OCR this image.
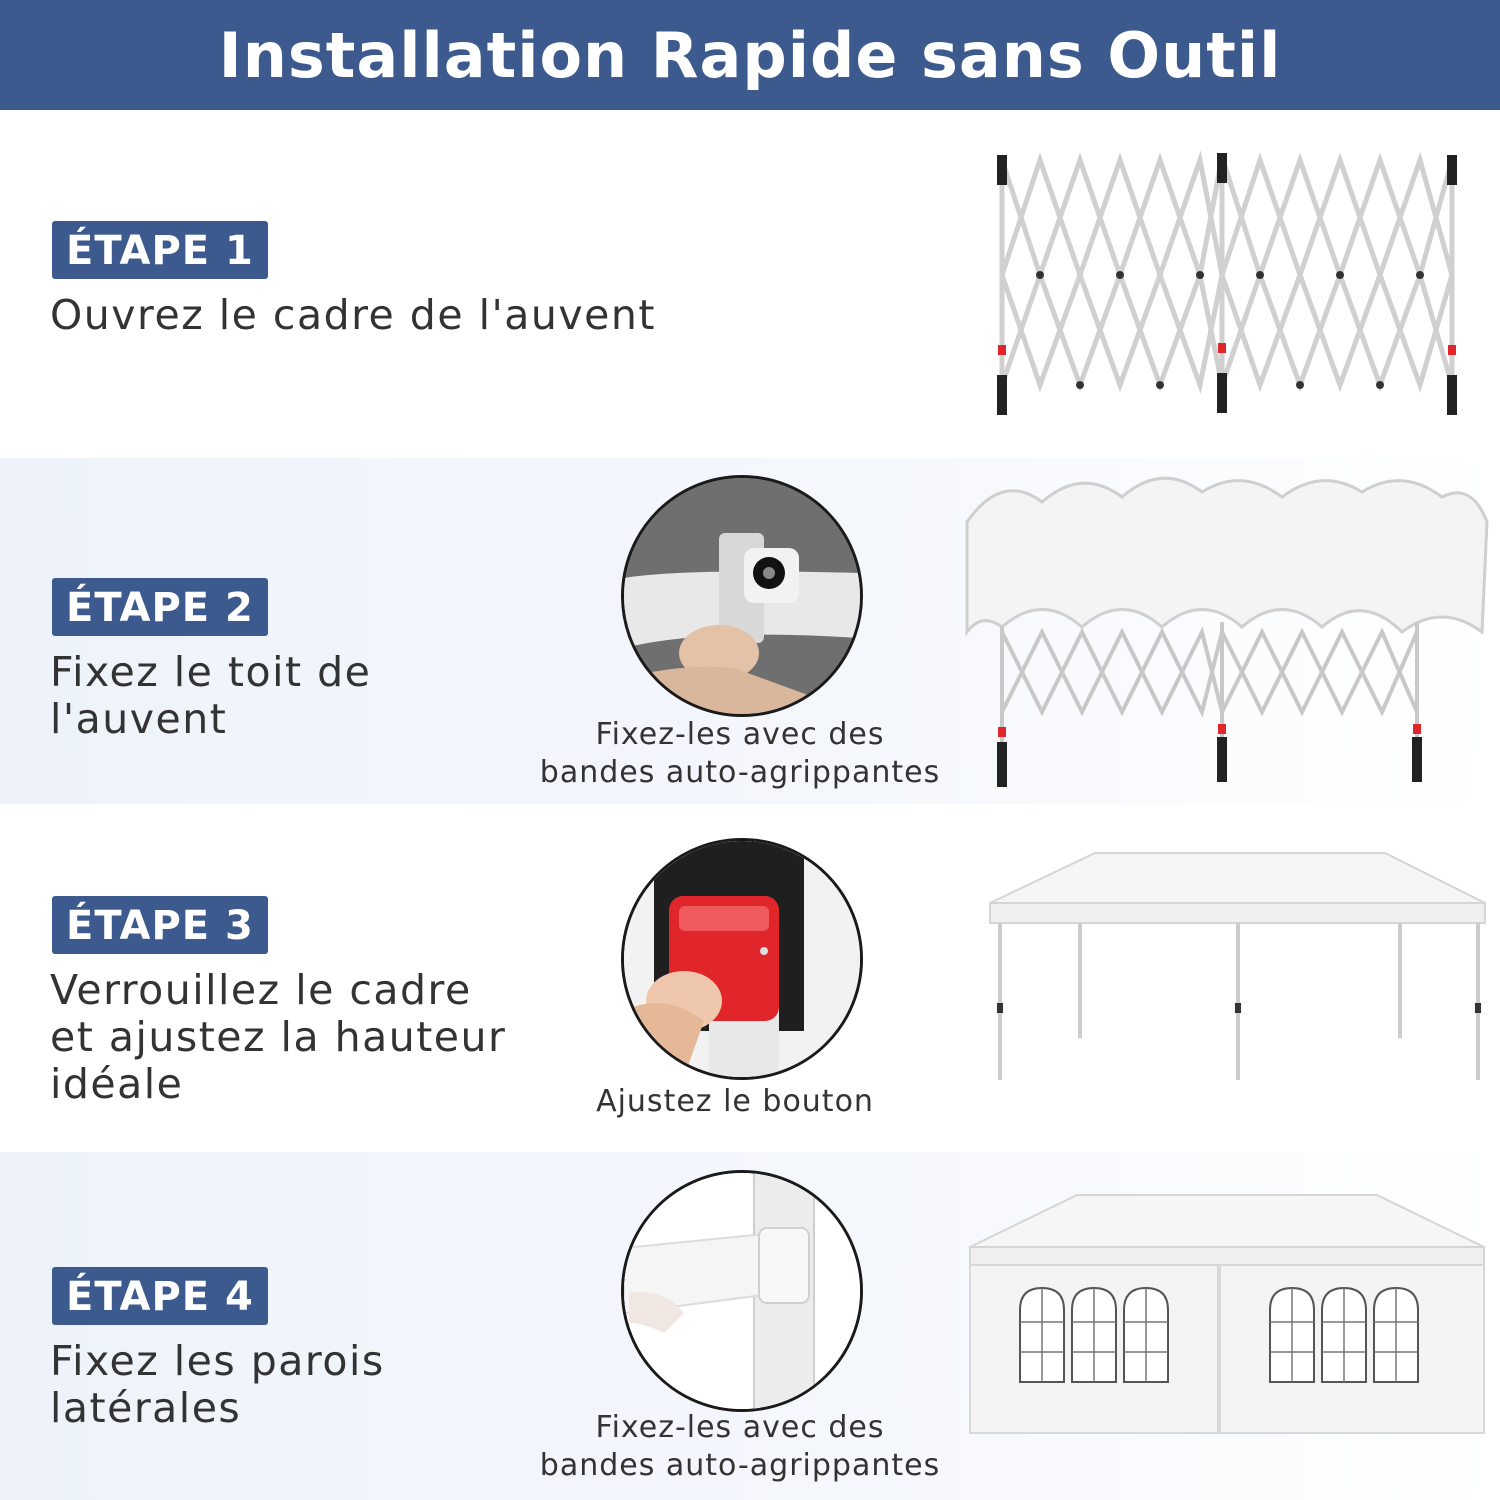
Installation Rapide sans Outil
ÉTAPE 1
Ouvrez le cadre de l'auvent
ÉTAPE 2
Fixez le toit de
l'auvent	Fixez-les avec des
bandes auto-agrippantes
ÉTAPE 3
Verrouillez le cadre
et ajustez la hauteur
idéale	Ajustez le bouton
ÉTAPE 4
Fixez les parois
latérales	Fixez-les avec des
bandes auto-agrippantes
